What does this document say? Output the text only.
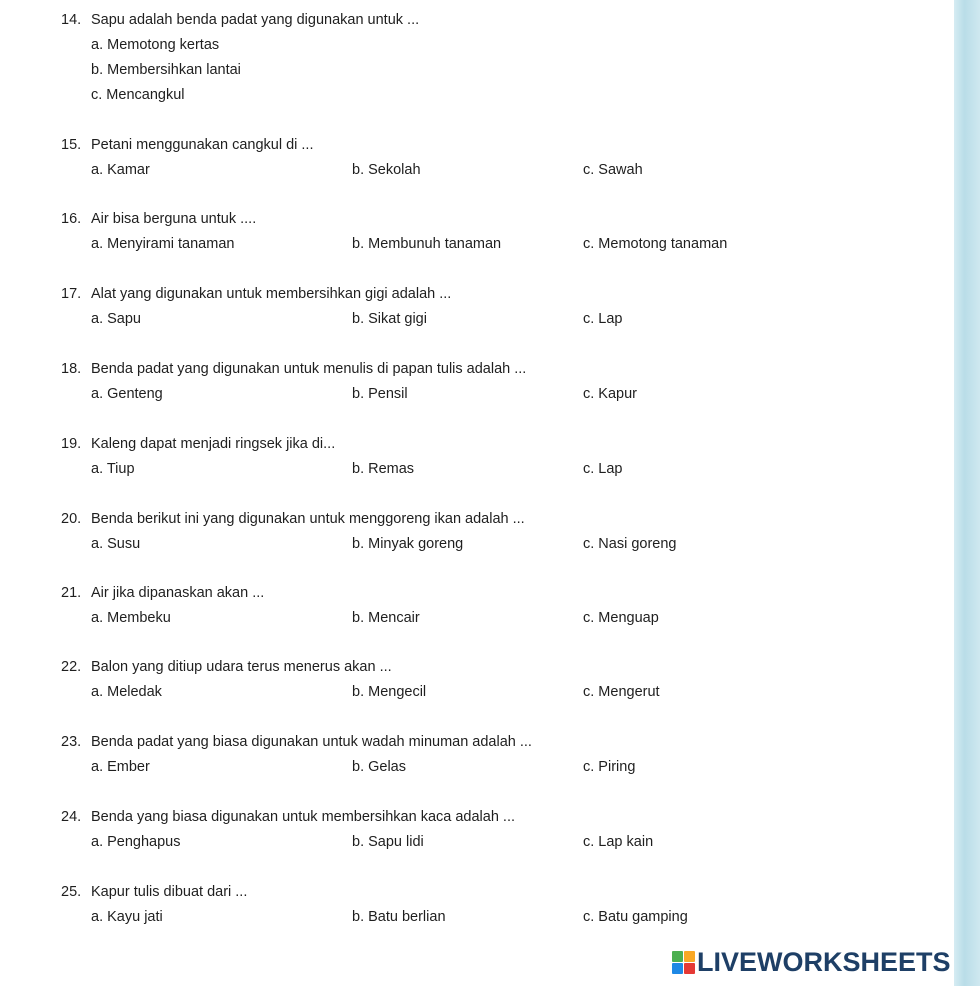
14. Sapu adalah benda padat yang digunakan untuk ...
a. Memotong kertas
b. Membersihkan lantai
c. Mencangkul
15. Petani menggunakan cangkul di ...
a. Kamar	b. Sekolah	c. Sawah
16. Air bisa berguna untuk ....
a. Menyirami tanaman	b. Membunuh tanaman	c. Memotong tanaman
17. Alat yang digunakan untuk membersihkan gigi adalah ...
a. Sapu	b. Sikat gigi	c. Lap
18. Benda padat yang digunakan untuk menulis di papan tulis adalah ...
a. Genteng	b. Pensil	c. Kapur
19. Kaleng dapat menjadi ringsek jika di...
a. Tiup	b. Remas	c. Lap
20. Benda berikut ini yang digunakan untuk menggoreng ikan adalah ...
a. Susu	b. Minyak goreng	c. Nasi goreng
21. Air jika dipanaskan akan ...
a. Membeku	b. Mencair	c. Menguap
22. Balon yang ditiup udara terus menerus akan ...
a. Meledak	b. Mengecil	c. Mengerut
23. Benda padat yang biasa digunakan untuk wadah minuman adalah ...
a. Ember	b. Gelas	c. Piring
24. Benda yang biasa digunakan untuk membersihkan kaca adalah ...
a. Penghapus	b. Sapu lidi	c. Lap kain
25. Kapur tulis dibuat dari ...
a. Kayu jati	b. Batu berlian	c. Batu gamping
LIVEWORKSHEETS
